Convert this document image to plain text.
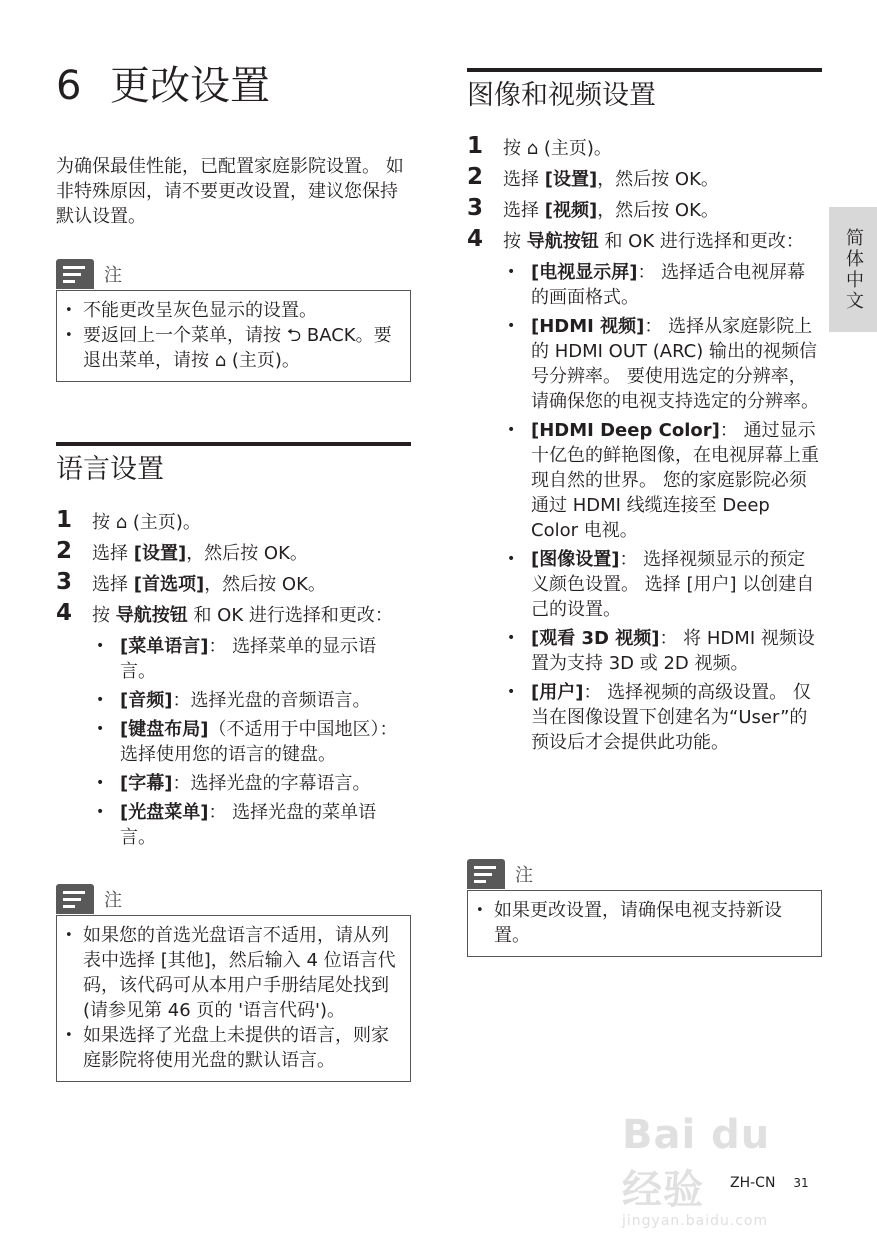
6 更改设置
为确保最佳性能，已配置家庭影院设置。 如非特殊原因，请不要更改设置，建议您保持默认设置。
注
• 不能更改呈灰色显示的设置。
• 要返回上一个菜单，请按 ⮌ BACK。要退出菜单，请按 ⌂ (主页)。
语言设置
1	按 ⌂ (主页)。
2	选择 [设置]，然后按 OK。
3	选择 [首选项]，然后按 OK。
4	按 导航按钮 和 OK 进行选择和更改：
• [菜单语言]： 选择菜单的显示语言。
• [音频]：选择光盘的音频语言。
• [键盘布局]（不适用于中国地区）：选择使用您的语言的键盘。
• [字幕]：选择光盘的字幕语言。
• [光盘菜单]： 选择光盘的菜单语言。
注
• 如果您的首选光盘语言不适用，请从列表中选择 [其他]，然后输入 4 位语言代码，该代码可从本用户手册结尾处找到 (请参见第 46 页的 '语言代码')。
• 如果选择了光盘上未提供的语言，则家庭影院将使用光盘的默认语言。
图像和视频设置
1	按 ⌂ (主页)。
2	选择 [设置]，然后按 OK。
3	选择 [视频]，然后按 OK。
4	按 导航按钮 和 OK 进行选择和更改：
• [电视显示屏]： 选择适合电视屏幕的画面格式。
• [HDMI 视频]： 选择从家庭影院上的 HDMI OUT (ARC) 输出的视频信号分辨率。 要使用选定的分辨率，请确保您的电视支持选定的分辨率。
• [HDMI Deep Color]： 通过显示十亿色的鲜艳图像，在电视屏幕上重现自然的世界。 您的家庭影院必须通过 HDMI 线缆连接至 Deep Color 电视。
• [图像设置]： 选择视频显示的预定义颜色设置。 选择 [用户] 以创建自己的设置。
• [观看 3D 视频]： 将 HDMI 视频设置为支持 3D 或 2D 视频。
• [用户]： 选择视频的高级设置。 仅当在图像设置下创建名为“User”的预设后才会提供此功能。
注
• 如果更改设置，请确保电视支持新设置。
简体中文
Bai du 经验
jingyan.baidu.com
ZH-CN 31
